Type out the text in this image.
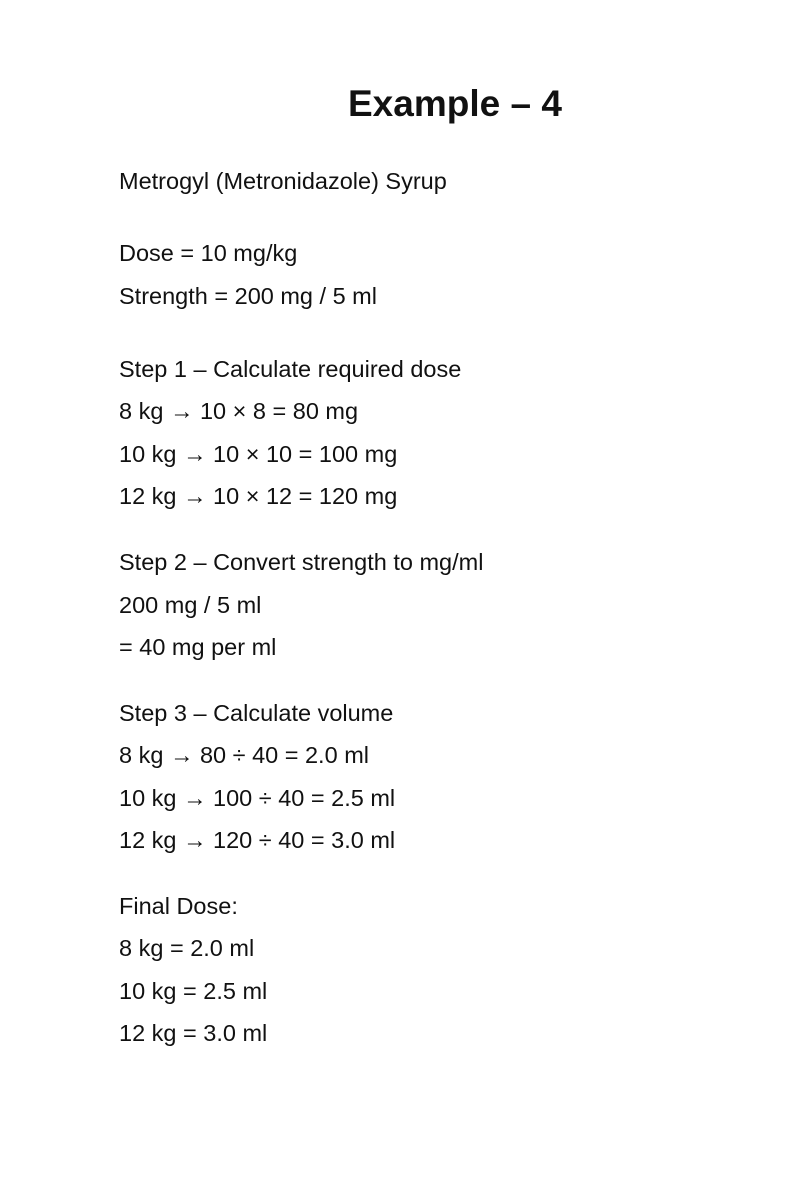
Example – 4

Metrogyl (Metronidazole) Syrup

Dose = 10 mg/kg

Strength = 200 mg / 5 ml

Step 1 – Calculate required dose

8 kg → 10 × 8 = 80 mg

10 kg → 10 × 10 = 100 mg

12 kg → 10 × 12 = 120 mg

Step 2 – Convert strength to mg/ml

200 mg / 5 ml

= 40 mg per ml

Step 3 – Calculate volume

8 kg → 80 ÷ 40 = 2.0 ml

10 kg → 100 ÷ 40 = 2.5 ml

12 kg → 120 ÷ 40 = 3.0 ml

Final Dose:

8 kg = 2.0 ml

10 kg = 2.5 ml

12 kg = 3.0 ml
